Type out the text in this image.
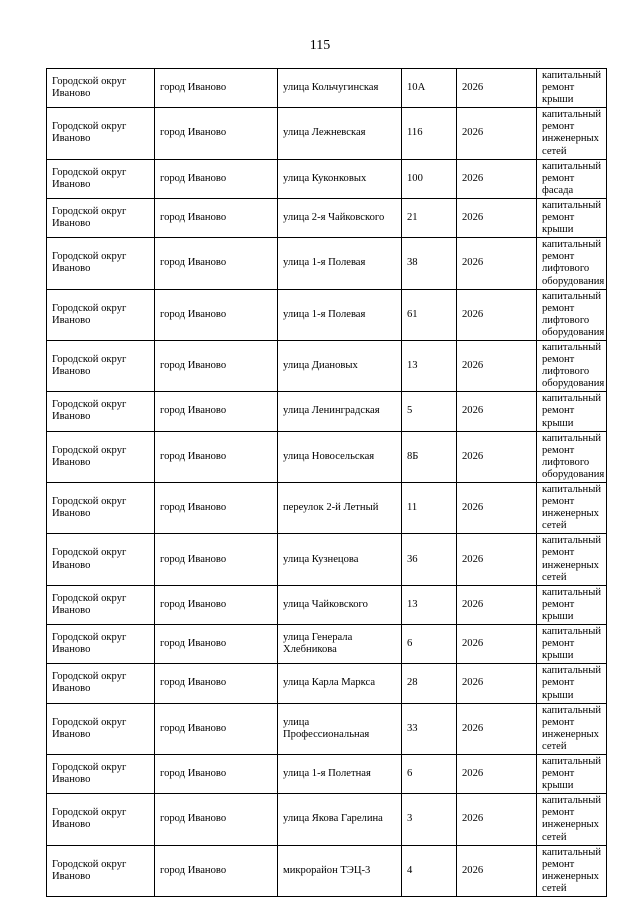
115
Городской округ Иваново	город Иваново	улица Кольчугинская	10А	2026	капитальный ремонт крыши
Городской округ Иваново	город Иваново	улица Лежневская	116	2026	капитальный ремонт инженерных сетей
Городской округ Иваново	город Иваново	улица Куконковых	100	2026	капитальный ремонт фасада
Городской округ Иваново	город Иваново	улица 2-я Чайковского	21	2026	капитальный ремонт крыши
Городской округ Иваново	город Иваново	улица 1-я Полевая	38	2026	капитальный ремонт лифтового оборудования
Городской округ Иваново	город Иваново	улица 1-я Полевая	61	2026	капитальный ремонт лифтового оборудования
Городской округ Иваново	город Иваново	улица Диановых	13	2026	капитальный ремонт лифтового оборудования
Городской округ Иваново	город Иваново	улица Ленинградская	5	2026	капитальный ремонт крыши
Городской округ Иваново	город Иваново	улица Новосельская	8Б	2026	капитальный ремонт лифтового оборудования
Городской округ Иваново	город Иваново	переулок 2-й Летный	11	2026	капитальный ремонт инженерных сетей
Городской округ Иваново	город Иваново	улица Кузнецова	36	2026	капитальный ремонт инженерных сетей
Городской округ Иваново	город Иваново	улица Чайковского	13	2026	капитальный ремонт крыши
Городской округ Иваново	город Иваново	улица Генерала Хлебникова	6	2026	капитальный ремонт крыши
Городской округ Иваново	город Иваново	улица Карла Маркса	28	2026	капитальный ремонт крыши
Городской округ Иваново	город Иваново	улица Профессиональная	33	2026	капитальный ремонт инженерных сетей
Городской округ Иваново	город Иваново	улица 1-я Полетная	6	2026	капитальный ремонт крыши
Городской округ Иваново	город Иваново	улица Якова Гарелина	3	2026	капитальный ремонт инженерных сетей
Городской округ Иваново	город Иваново	микрорайон ТЭЦ-3	4	2026	капитальный ремонт инженерных сетей
